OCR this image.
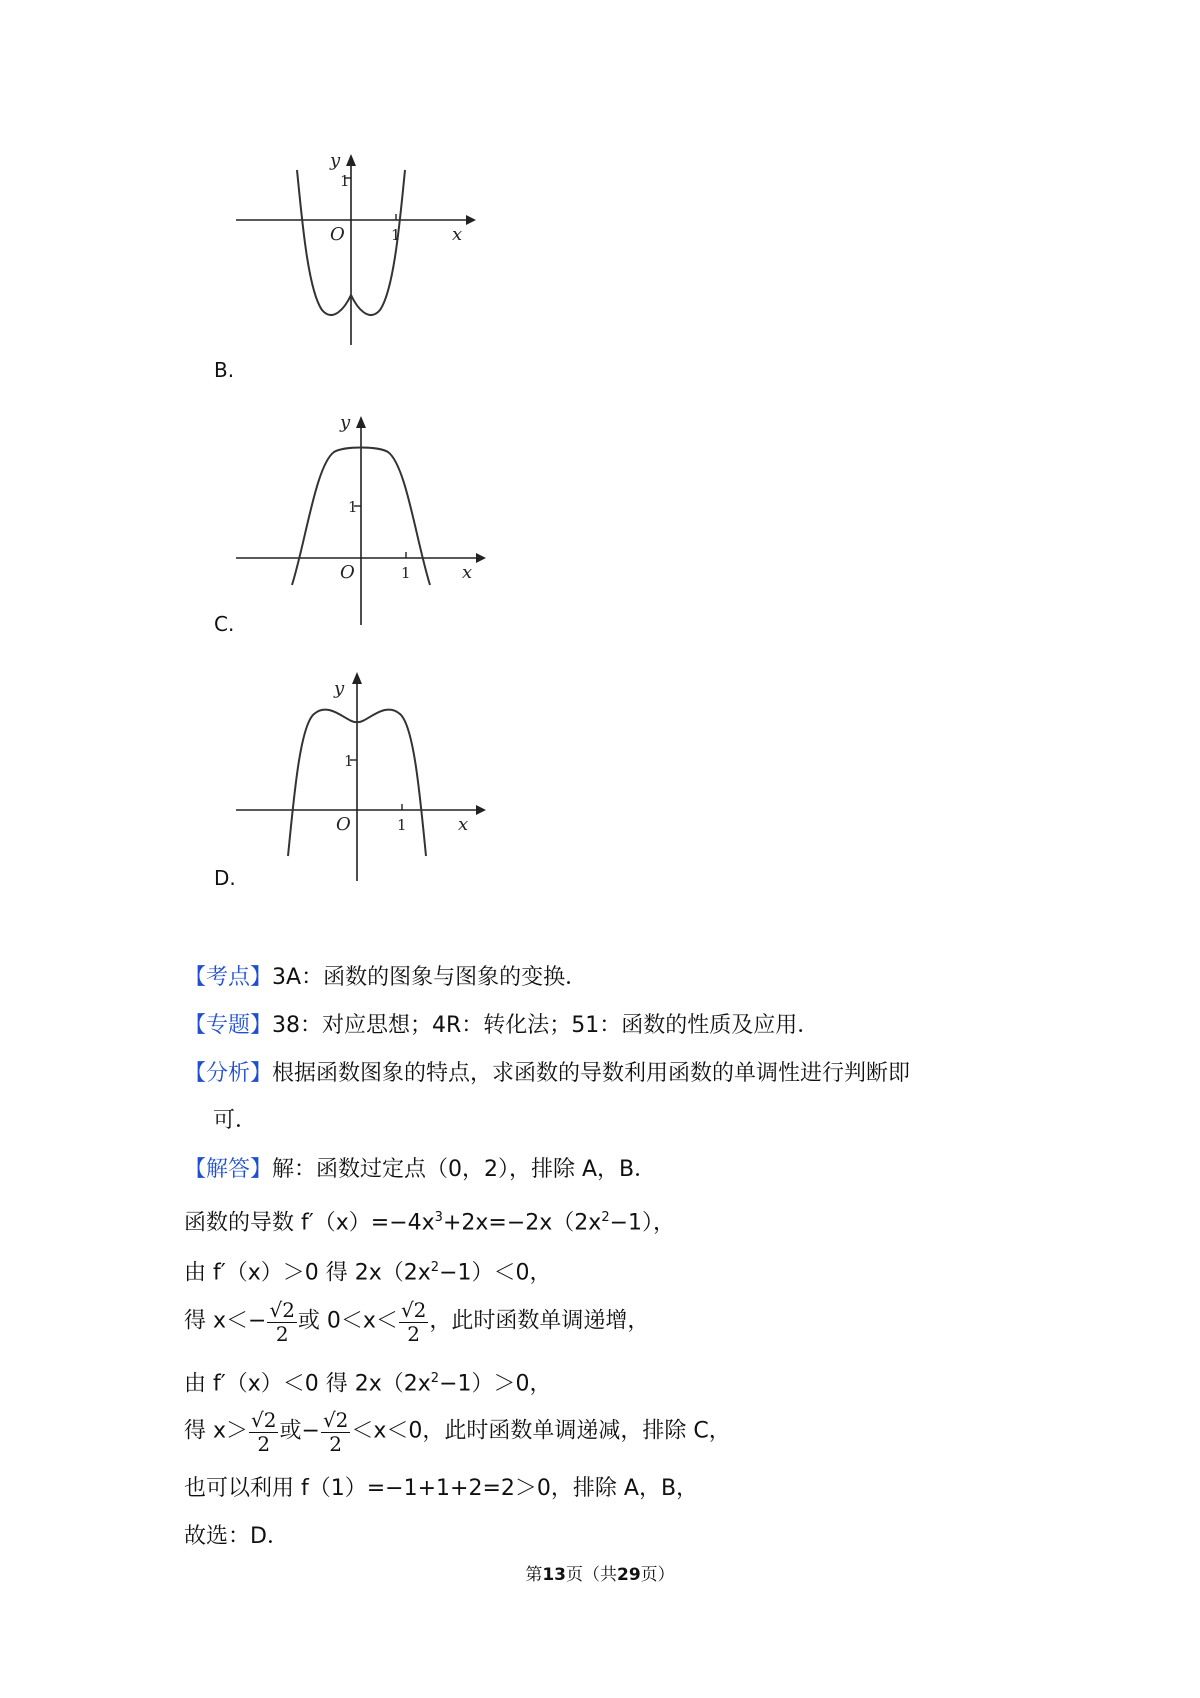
y
1
O	1	x
B.
y
1
O	1	x
C.
y
1
O	1	x
D.
【考点】3A：函数的图象与图象的变换．
【专题】38：对应思想；4R：转化法；51：函数的性质及应用．
【分析】根据函数图象的特点，求函数的导数利用函数的单调性进行判断即
可．
【解答】解：函数过定点（0，2），排除 A，B．
函数的导数 $f'(x)=-4x^3+2x=-2x(2x^2-1)$，
由 f′（x）＞0 得 $2x(2x^2-1)<0$，
得 $x<- \frac{√2}{2}$ 或 $0<x< \frac{√2}{2}$ ，此时函数单调递增，
由 f′（x）＜0 得 $2x(2x^2-1)>0$，
得 $x> \frac{√2}{2}$ 或− $\frac{√2}{2} <x<0$，此时函数单调递减，排除 C，
也可以利用 f（1）=−1+1+2=2＞0，排除 A，B，
故选：D．
第13页（共29页）
